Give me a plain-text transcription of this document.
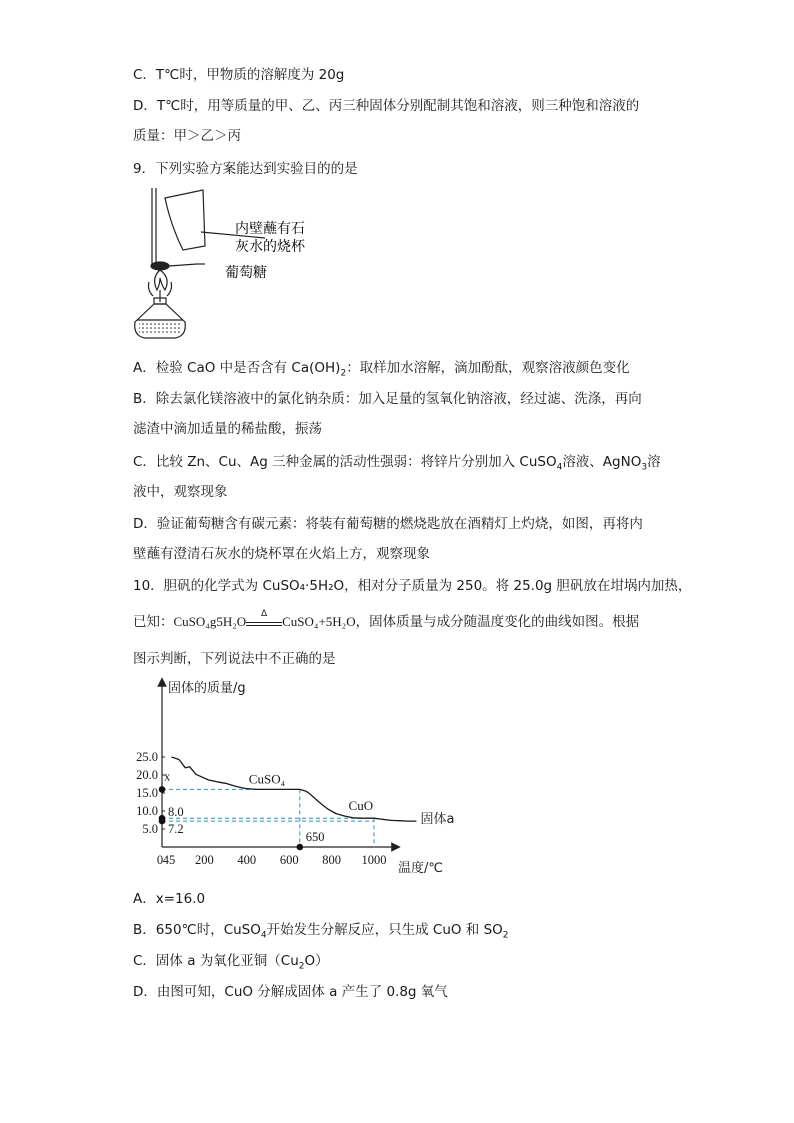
C．T℃时，甲物质的溶解度为 20g
D．T℃时，用等质量的甲、乙、丙三种固体分别配制其饱和溶液，则三种饱和溶液的
质量：甲＞乙＞丙
9．下列实验方案能达到实验目的的是
内壁蘸有石
灰水的烧杯
葡萄糖
A．检验 CaO 中是否含有 $Ca(OH)_2$：取样加水溶解，滴加酚酞，观察溶液颜色变化
B．除去氯化镁溶液中的氯化钠杂质：加入足量的氢氧化钠溶液，经过滤、洗涤，再向
滤渣中滴加适量的稀盐酸，振荡
C．比较 Zn、Cu、Ag 三种金属的活动性强弱：将锌片分别加入 CuSO$_4$溶液、AgNO$_3$溶
液中，观察现象
D．验证葡萄糖含有碳元素：将装有葡萄糖的燃烧匙放在酒精灯上灼烧，如图，再将内
壁蘸有澄清石灰水的烧杯罩在火焰上方，观察现象
10．胆矾的化学式为 CuSO₄·5H₂O，相对分子质量为 250。将 25.0g 胆矾放在坩埚内加热，
已知：CuSO₄g5H₂O	Δ	CuSO₄+5H₂O，固体质量与成分随温度变化的曲线如图。根据
图示判断，下列说法中不正确的是
25.0
20.0
15.0
10.0
5.0
0 45 200 400 600 800 1000
固体的质量/g
温度/℃
CuSO₄
CuO
固体a
x
8.0
7.2
650
A．x=16.0
B．650℃时，CuSO$_4$开始发生分解反应，只生成 CuO 和 $SO_2$
C．固体 a 为氧化亚铜$(Cu_2O)$
D．由图可知，CuO 分解成固体 a 产生了 0.8g 氧气
